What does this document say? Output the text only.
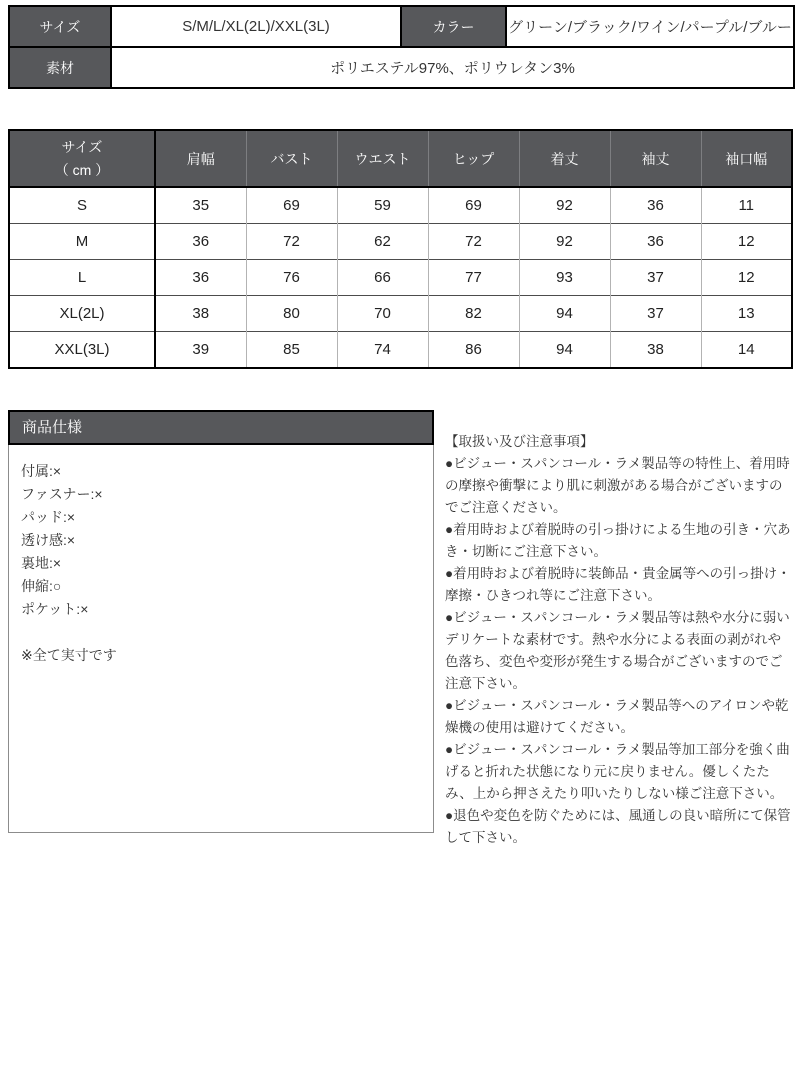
サイズ	S/M/L/XL(2L)/XXL(3L)	カラー	グリーン/ブラック/ワイン/パープル/ブルー
素材	ポリエステル97%、ポリウレタン3%		
サイズ
（ cm ）	肩幅	バスト	ウエスト	ヒップ	着丈	袖丈	袖口幅
S	35	69	59	69	92	36	11
M	36	72	62	72	92	36	12
L	36	76	66	77	93	37	12
XL(2L)	38	80	70	82	94	37	13
XXL(3L)	39	85	74	86	94	38	14
商品仕様
付属:×
ファスナー:×
パッド:×
透け感:×
裏地:×
伸縮:○
ポケット:×
※全て実寸です

【取扱い及び注意事項】

●ビジュー・スパンコール・ラメ製品等の特性上、着用時の摩擦や衝撃により肌に刺激がある場合がございますのでご注意ください。

●着用時および着脱時の引っ掛けによる生地の引き・穴あき・切断にご注意下さい。

●着用時および着脱時に装飾品・貴金属等への引っ掛け・摩擦・ひきつれ等にご注意下さい。

●ビジュー・スパンコール・ラメ製品等は熱や水分に弱いデリケートな素材です。熱や水分による表面の剥がれや色落ち、変色や変形が発生する場合がございますのでご注意下さい。

●ビジュー・スパンコール・ラメ製品等へのアイロンや乾燥機の使用は避けてください。

●ビジュー・スパンコール・ラメ製品等加工部分を強く曲げると折れた状態になり元に戻りません。優しくたたみ、上から押さえたり叩いたりしない様ご注意下さい。

●退色や変色を防ぐためには、風通しの良い暗所にて保管して下さい。
